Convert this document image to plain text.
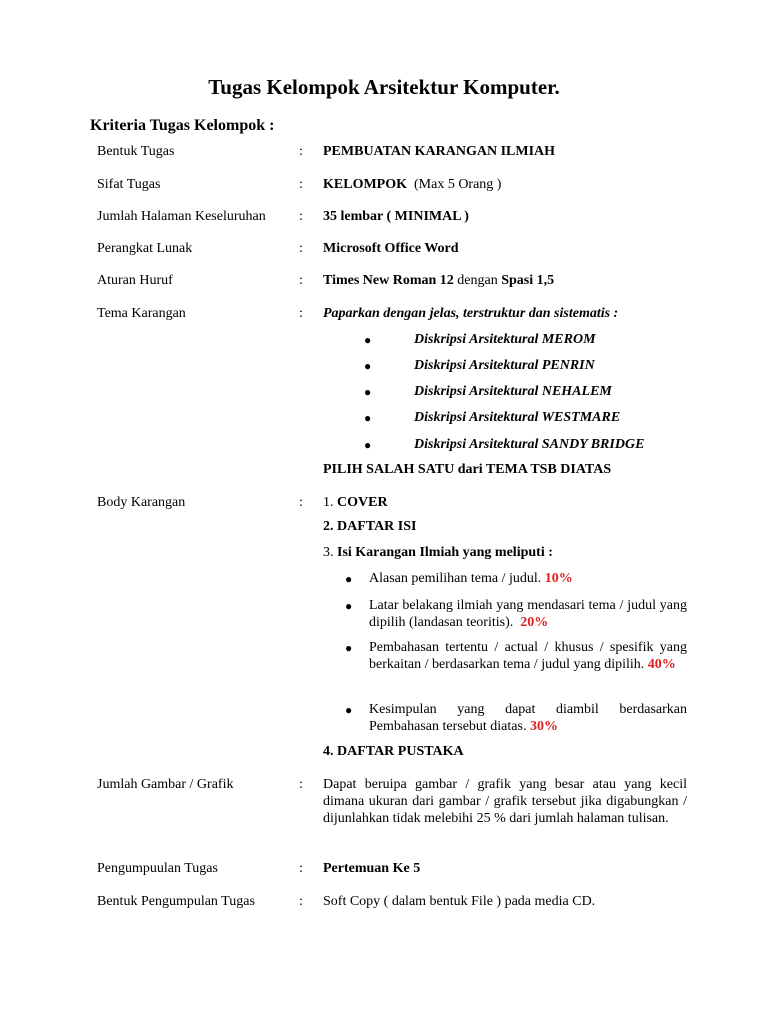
Tugas Kelompok Arsitektur Komputer.
Kriteria Tugas Kelompok :
Bentuk Tugas	: PEMBUATAN KARANGAN ILMIAH
Sifat Tugas	: KELOMPOK (Max 5 Orang )
Jumlah Halaman Keseluruhan : 35 lembar ( MINIMAL )
Perangkat Lunak	: Microsoft Office Word
Aturan Huruf	: Times New Roman 12 dengan Spasi 1,5
Tema Karangan	: Paparkan dengan jelas, terstruktur dan sistematis :
●	Diskripsi Arsitektural MEROM
●	Diskripsi Arsitektural PENRIN
●	Diskripsi Arsitektural NEHALEM
●	Diskripsi Arsitektural WESTMARE
●	Diskripsi Arsitektural SANDY BRIDGE
PILIH SALAH SATU dari TEMA TSB DIATAS
Body Karangan	: 1. COVER
2. DAFTAR ISI
3. Isi Karangan Ilmiah yang meliputi :
● Alasan pemilihan tema / judul. 10%
● Latar belakang ilmiah yang mendasari tema / judul yang dipilih (landasan teoritis). 20%
● Pembahasan tertentu / actual / khusus / spesifik yang berkaitan / berdasarkan tema / judul yang dipilih. 40%
● Kesimpulan yang dapat diambil berdasarkan Pembahasan tersebut diatas. 30%
4. DAFTAR PUSTAKA
Jumlah Gambar / Grafik	: Dapat beruipa gambar / grafik yang besar atau yang kecil dimana ukuran dari gambar / grafik tersebut jika digabungkan / dijunlahkan tidak melebihi 25 % dari jumlah halaman tulisan.
Pengumpuulan Tugas	: Pertemuan Ke 5
Bentuk Pengumpulan Tugas	: Soft Copy ( dalam bentuk File ) pada media CD.
